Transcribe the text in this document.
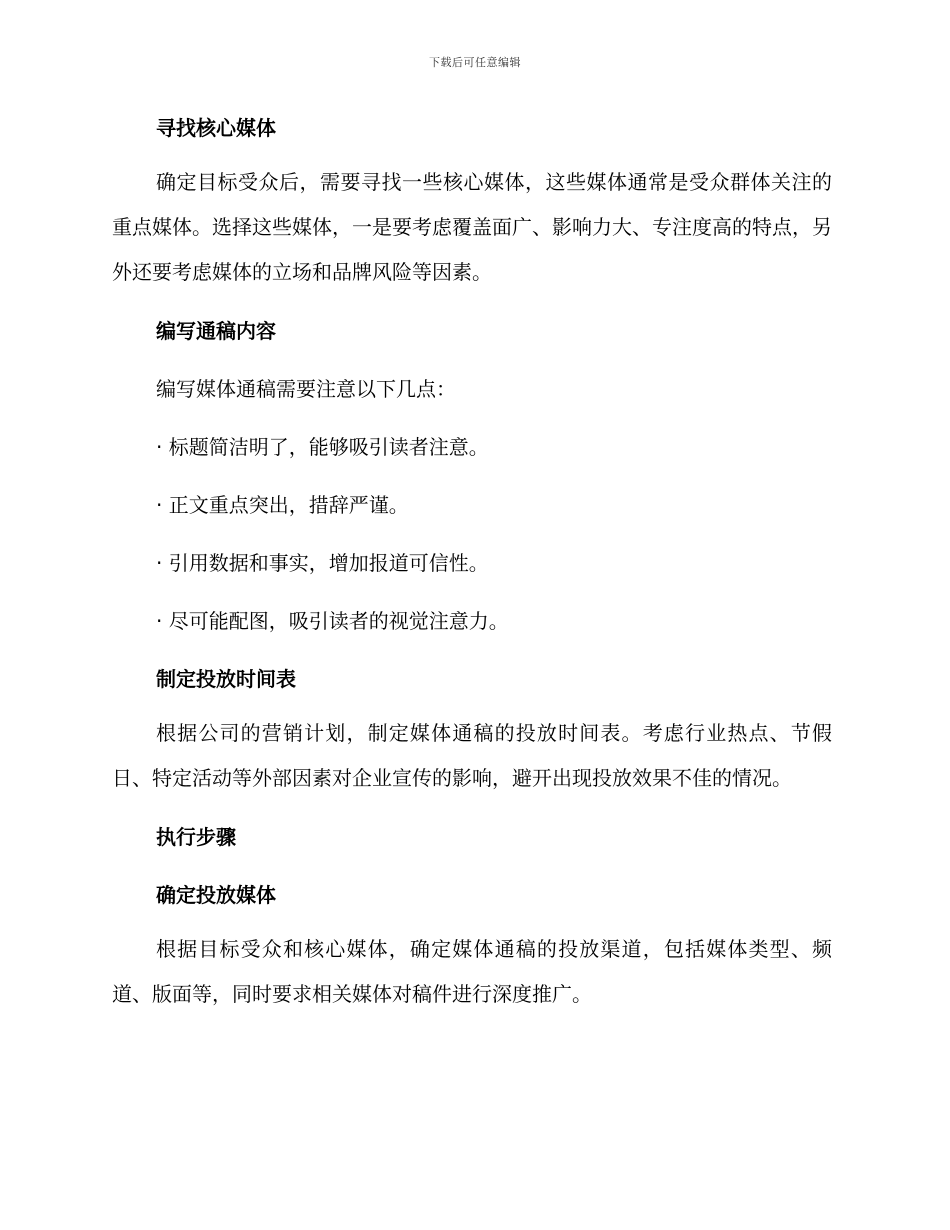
下载后可任意编辑
寻找核心媒体

确定目标受众后，需要寻找一些核心媒体，这些媒体通常是受众群体关注的重点媒体。选择这些媒体，一是要考虑覆盖面广、影响力大、专注度高的特点，另外还要考虑媒体的立场和品牌风险等因素。

编写通稿内容

编写媒体通稿需要注意以下几点：

· 标题简洁明了，能够吸引读者注意。

· 正文重点突出，措辞严谨。

· 引用数据和事实，增加报道可信性。

· 尽可能配图，吸引读者的视觉注意力。

制定投放时间表

根据公司的营销计划，制定媒体通稿的投放时间表。考虑行业热点、节假日、特定活动等外部因素对企业宣传的影响，避开出现投放效果不佳的情况。

执行步骤
确定投放媒体

根据目标受众和核心媒体，确定媒体通稿的投放渠道，包括媒体类型、频道、版面等，同时要求相关媒体对稿件进行深度推广。
